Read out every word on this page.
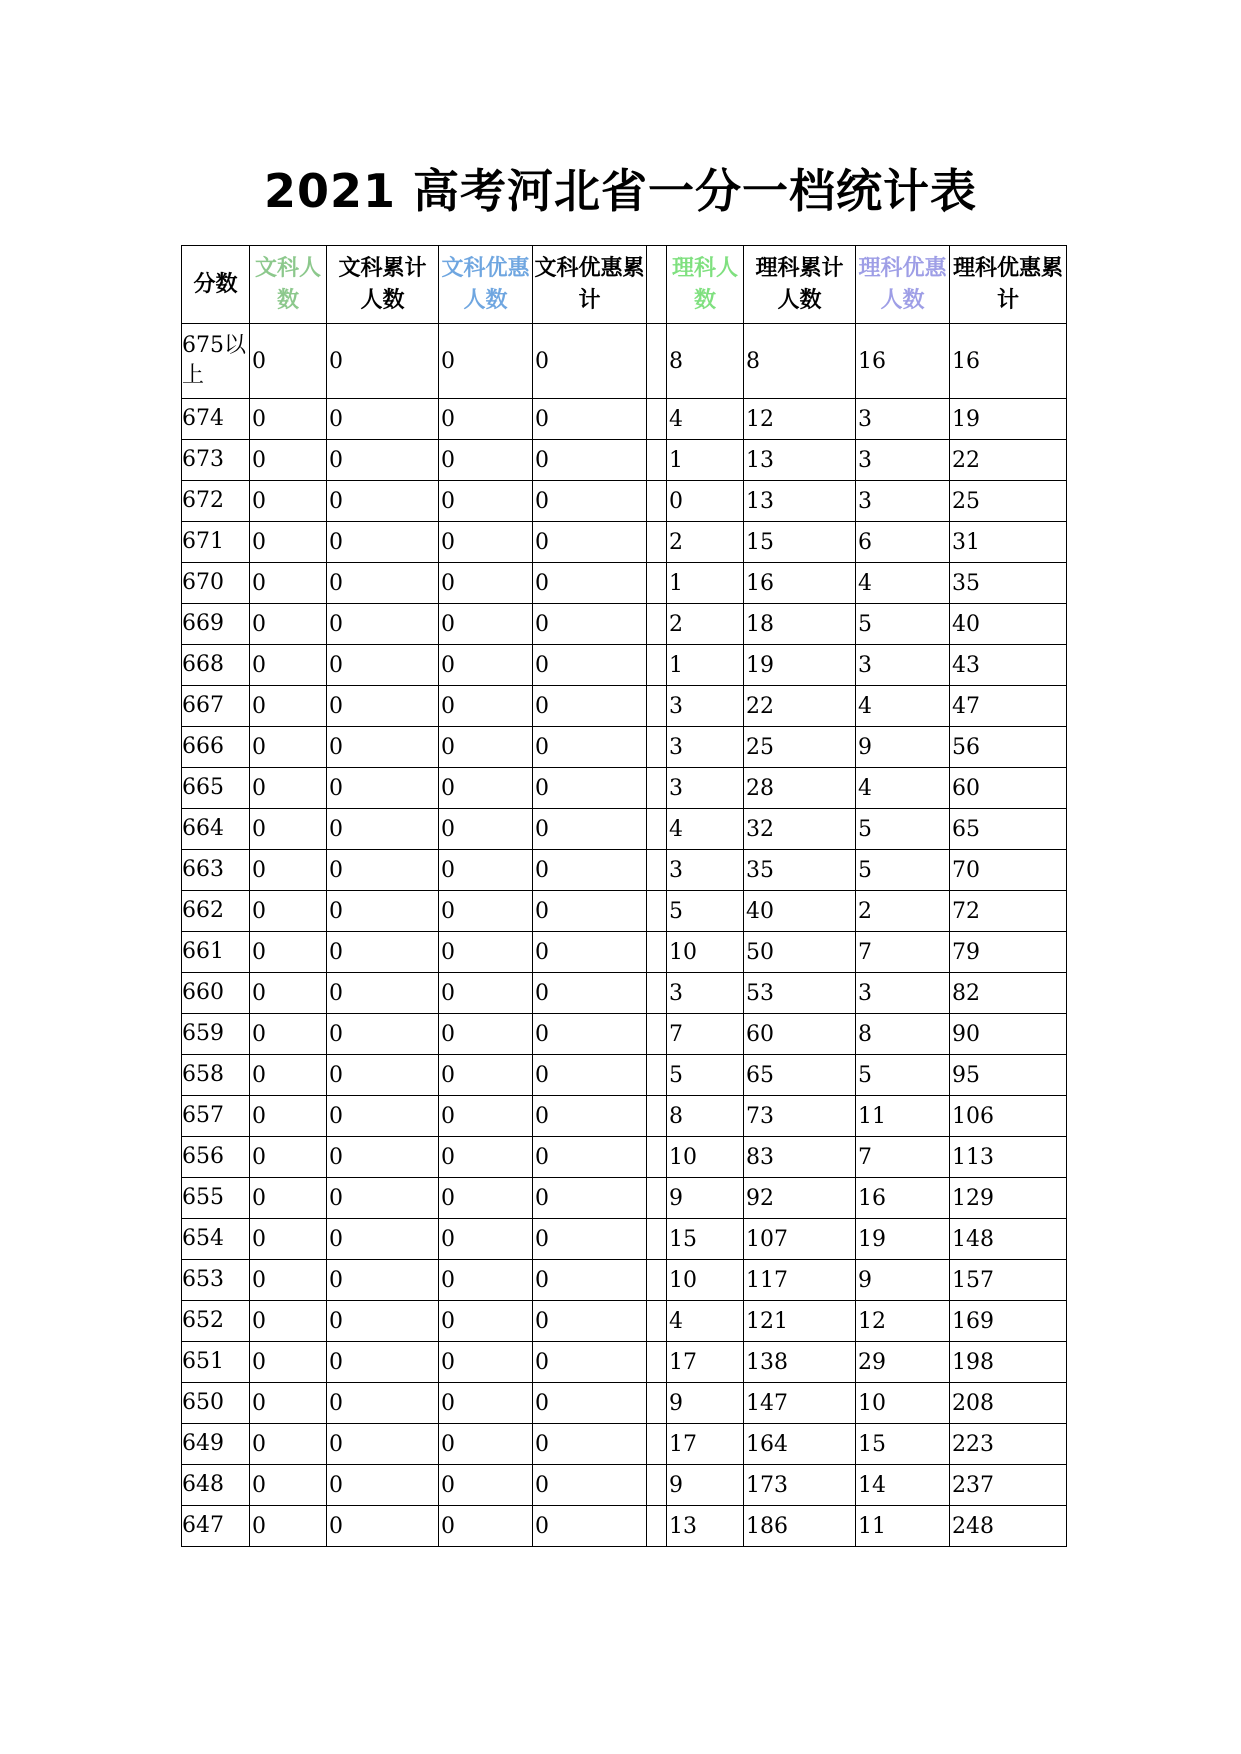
2021 高考河北省一分一档统计表
分数	文科人数	文科累计人数	文科优惠人数	文科优惠累计		理科人数	理科累计人数	理科优惠人数	理科优惠累计
675以上	0	0	0	0		8	8	16	16
674	0	0	0	0		4	12	3	19
673	0	0	0	0		1	13	3	22
672	0	0	0	0		0	13	3	25
671	0	0	0	0		2	15	6	31
670	0	0	0	0		1	16	4	35
669	0	0	0	0		2	18	5	40
668	0	0	0	0		1	19	3	43
667	0	0	0	0		3	22	4	47
666	0	0	0	0		3	25	9	56
665	0	0	0	0		3	28	4	60
664	0	0	0	0		4	32	5	65
663	0	0	0	0		3	35	5	70
662	0	0	0	0		5	40	2	72
661	0	0	0	0		10	50	7	79
660	0	0	0	0		3	53	3	82
659	0	0	0	0		7	60	8	90
658	0	0	0	0		5	65	5	95
657	0	0	0	0		8	73	11	106
656	0	0	0	0		10	83	7	113
655	0	0	0	0		9	92	16	129
654	0	0	0	0		15	107	19	148
653	0	0	0	0		10	117	9	157
652	0	0	0	0		4	121	12	169
651	0	0	0	0		17	138	29	198
650	0	0	0	0		9	147	10	208
649	0	0	0	0		17	164	15	223
648	0	0	0	0		9	173	14	237
647	0	0	0	0		13	186	11	248
